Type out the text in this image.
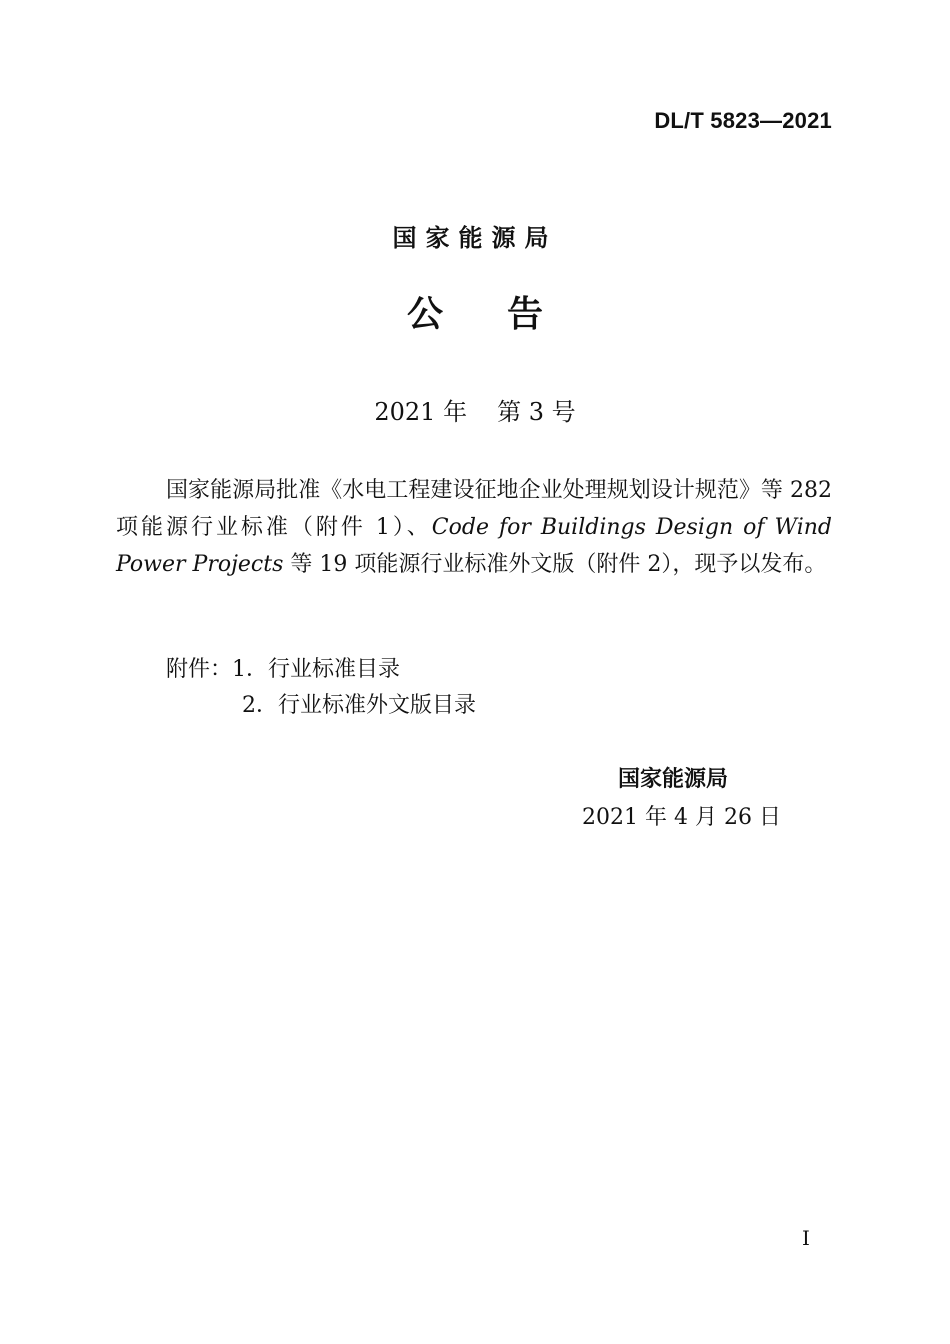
DL/T 5823—2021
国家能源局
公告
2021 年 第 3 号
国家能源局批准《水电工程建设征地企业处理规划设计规范》等 282 项能源行业标准（附件 1）、Code for Buildings Design of Wind Power Projects 等 19 项能源行业标准外文版（附件 2），现予以发布。
附件：1．行业标准目录
2．行业标准外文版目录
国家能源局
2021 年 4 月 26 日
I
